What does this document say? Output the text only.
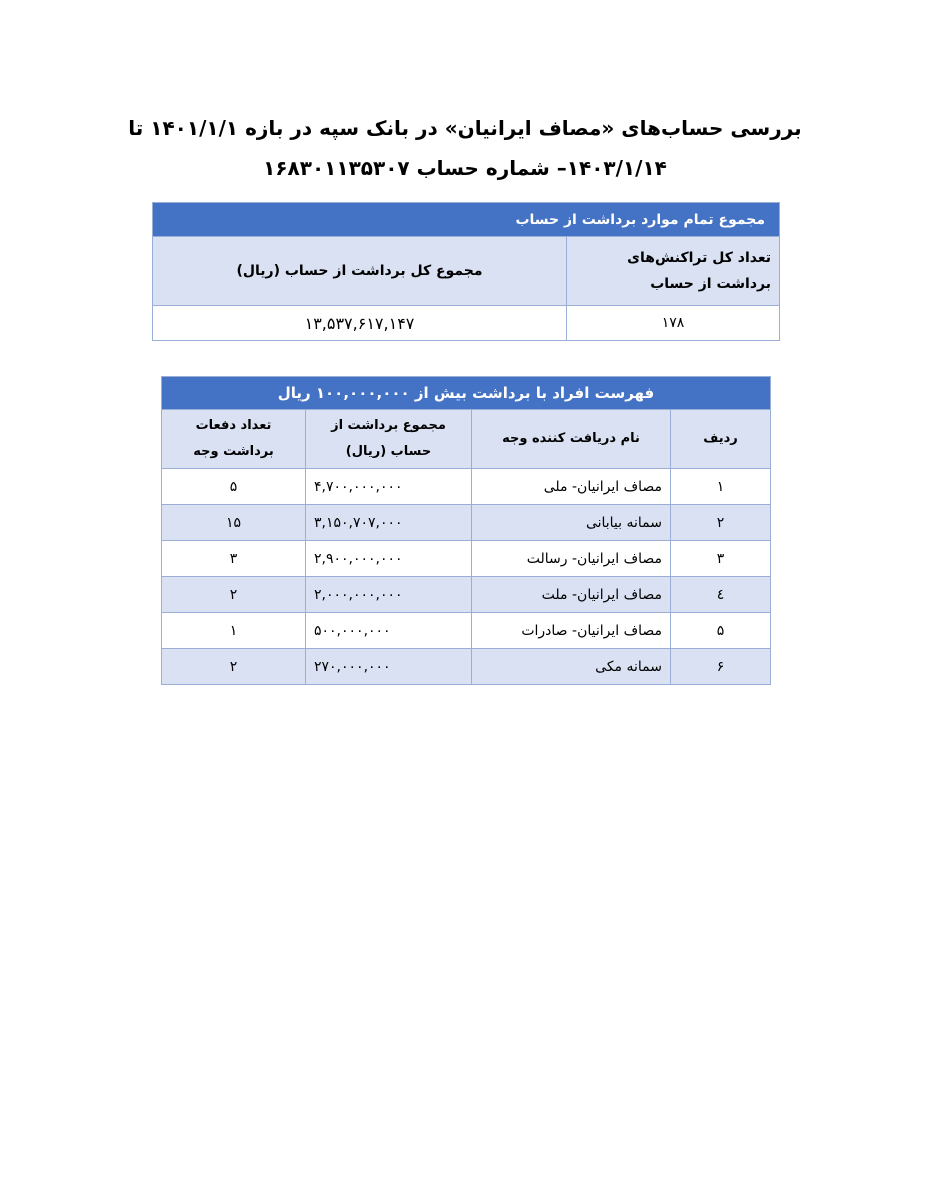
بررسی حساب‌های «مصاف ایرانیان» در بانک سپه در بازه ۱۴۰۱/۱/۱ تا ۱۴۰۳/۱/۱۴– شماره حساب ۱۶۸۳۰۱۱۳۵۳۰۷
مجموع تمام موارد برداشت از حساب	
تعداد کل تراکنش‌های برداشت از حساب	مجموع کل برداشت از حساب (ریال)
۱۷۸	۱۳,۵۳۷,۶۱۷,۱۴۷
فهرست افراد با برداشت بیش از ۱۰۰,۰۰۰,۰۰۰ ریال			
ردیف	نام دریافت کننده وجه	مجموع برداشت از حساب (ریال)	تعداد دفعات برداشت وجه
۱	مصاف ایرانیان- ملی	۴,۷۰۰,۰۰۰,۰۰۰	۵
۲	سمانه بیابانی	۳,۱۵۰,۷۰۷,۰۰۰	۱۵
۳	مصاف ایرانیان- رسالت	۲,۹۰۰,۰۰۰,۰۰۰	۳
٤	مصاف ایرانیان- ملت	۲,۰۰۰,۰۰۰,۰۰۰	۲
۵	مصاف ایرانیان- صادرات	۵۰۰,۰۰۰,۰۰۰	۱
۶	سمانه مکی	۲۷۰,۰۰۰,۰۰۰	۲
